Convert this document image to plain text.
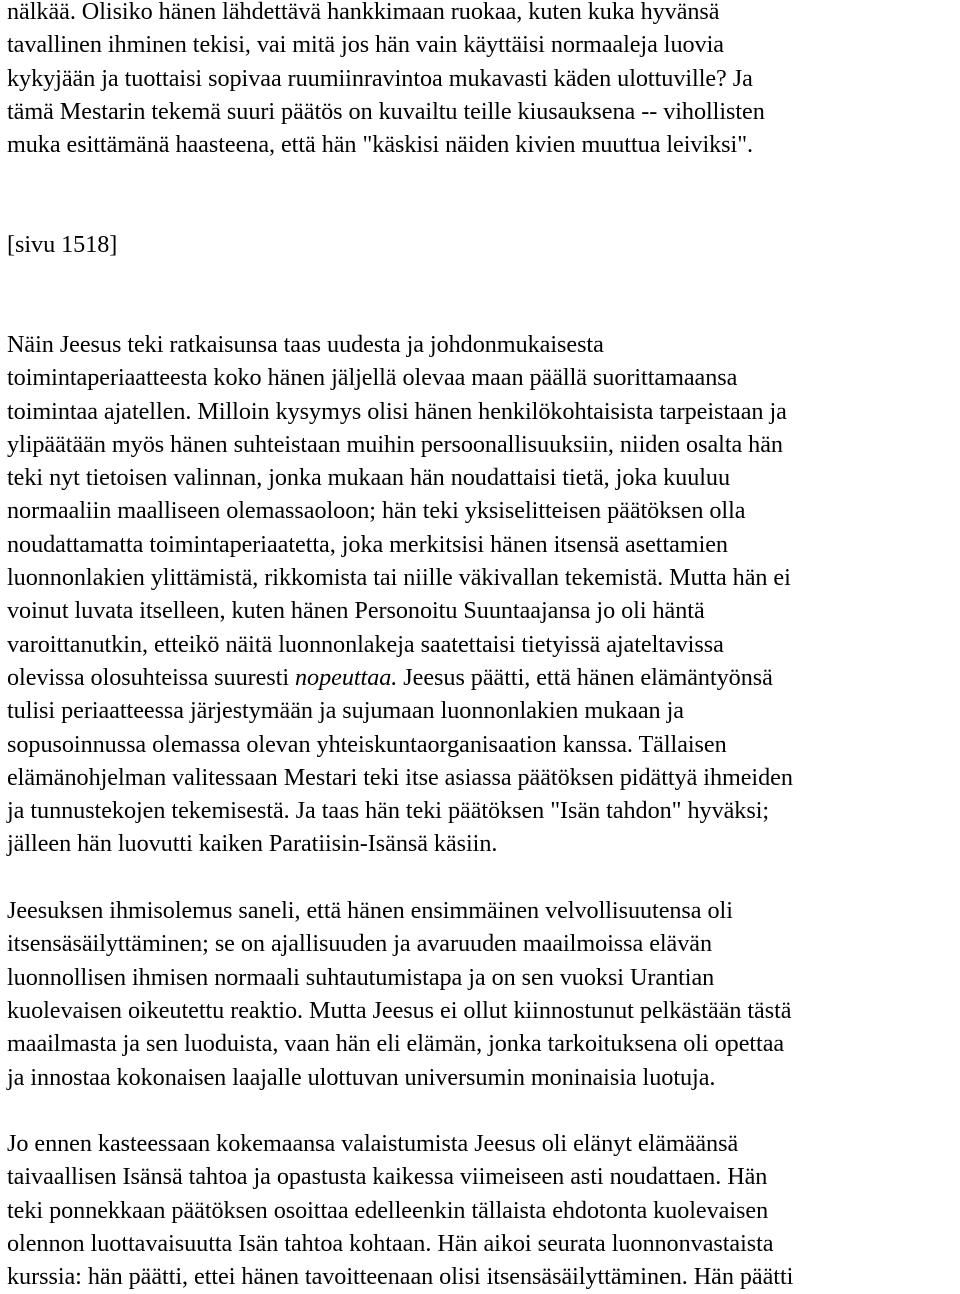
nälkää. Olisiko hänen lähdettävä hankkimaan ruokaa, kuten kuka hyvänsä
tavallinen ihminen tekisi, vai mitä jos hän vain käyttäisi normaaleja luovia
kykyjään ja tuottaisi sopivaa ruumiinravintoa mukavasti käden ulottuville? Ja
tämä Mestarin tekemä suuri päätös on kuvailtu teille kiusauksena -- vihollisten
muka esittämänä haasteena, että hän "käskisi näiden kivien muuttua leiviksi".

[sivu 1518]

Näin Jeesus teki ratkaisunsa taas uudesta ja johdonmukaisesta
toimintaperiaatteesta koko hänen jäljellä olevaa maan päällä suorittamaansa
toimintaa ajatellen. Milloin kysymys olisi hänen henkilökohtaisista tarpeistaan ja
ylipäätään myös hänen suhteistaan muihin persoonallisuuksiin, niiden osalta hän
teki nyt tietoisen valinnan, jonka mukaan hän noudattaisi tietä, joka kuuluu
normaaliin maalliseen olemassaoloon; hän teki yksiselitteisen päätöksen olla
noudattamatta toimintaperiaatetta, joka merkitsisi hänen itsensä asettamien
luonnonlakien ylittämistä, rikkomista tai niille väkivallan tekemistä. Mutta hän ei
voinut luvata itselleen, kuten hänen Personoitu Suuntaajansa jo oli häntä
varoittanutkin, etteikö näitä luonnonlakeja saatettaisi tietyissä ajateltavissa
olevissa olosuhteissa suuresti nopeuttaa. Jeesus päätti, että hänen elämäntyönsä
tulisi periaatteessa järjestymään ja sujumaan luonnonlakien mukaan ja
sopusoinnussa olemassa olevan yhteiskuntaorganisaation kanssa. Tällaisen
elämänohjelman valitessaan Mestari teki itse asiassa päätöksen pidättyä ihmeiden
ja tunnustekojen tekemisestä. Ja taas hän teki päätöksen "Isän tahdon" hyväksi;
jälleen hän luovutti kaiken Paratiisin-Isänsä käsiin.

Jeesuksen ihmisolemus saneli, että hänen ensimmäinen velvollisuutensa oli
itsensäsäilyttäminen; se on ajallisuuden ja avaruuden maailmoissa elävän
luonnollisen ihmisen normaali suhtautumistapa ja on sen vuoksi Urantian
kuolevaisen oikeutettu reaktio. Mutta Jeesus ei ollut kiinnostunut pelkästään tästä
maailmasta ja sen luoduista, vaan hän eli elämän, jonka tarkoituksena oli opettaa
ja innostaa kokonaisen laajalle ulottuvan universumin moninaisia luotuja.

Jo ennen kasteessaan kokemaansa valaistumista Jeesus oli elänyt elämäänsä
taivaallisen Isänsä tahtoa ja opastusta kaikessa viimeiseen asti noudattaen. Hän
teki ponnekkaan päätöksen osoittaa edelleenkin tällaista ehdotonta kuolevaisen
olennon luottavaisuutta Isän tahtoa kohtaan. Hän aikoi seurata luonnonvastaista
kurssia: hän päätti, ettei hänen tavoitteenaan olisi itsensäsäilyttäminen. Hän päätti
